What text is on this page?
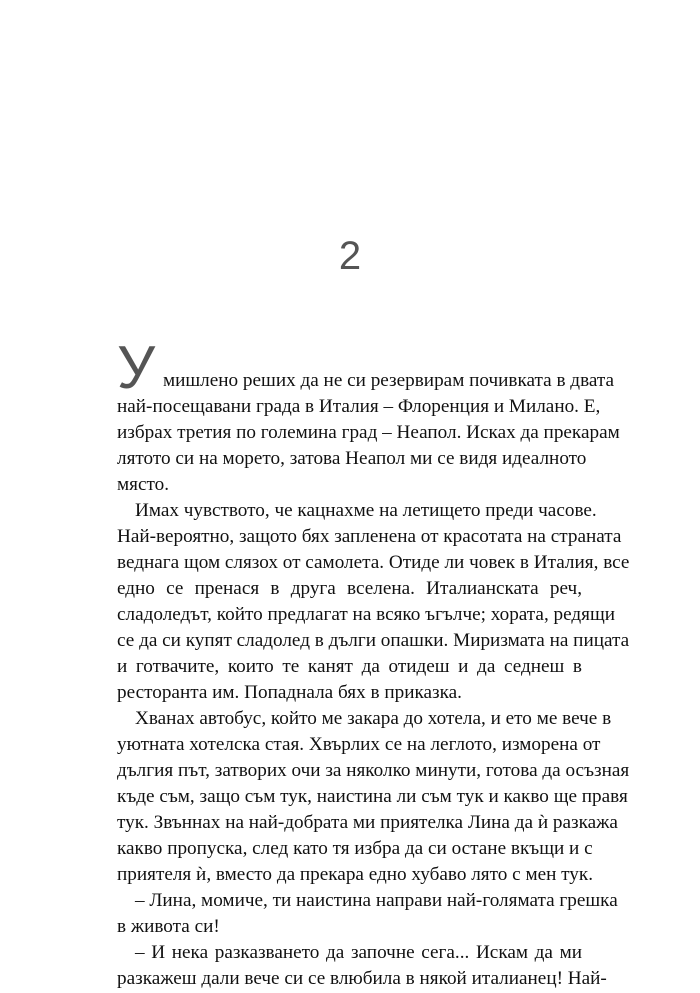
2
У мишлено реших да не си резервирам почивката в двата
най-посещавани града в Италия – Флоренция и Милано. Е,
избрах третия по големина град – Неапол. Исках да прекарам
лятото си на морето, затова Неапол ми се видя идеалното
място.
Имах чувството, че кацнахме на летището преди часове.
Най-вероятно, защото бях запленена от красотата на страната
веднага щом слязох от самолета. Отиде ли човек в Италия, все
едно се пренася в друга вселена. Италианската реч,
сладоледът, който предлагат на всяко ъгълче; хората, редящи
се да си купят сладолед в дълги опашки. Миризмата на пицата
и готвачите, които те канят да отидеш и да седнеш в
ресторанта им. Попаднала бях в приказка.
Хванах автобус, който ме закара до хотела, и ето ме вече в
уютната хотелска стая. Хвърлих се на леглото, изморена от
дългия път, затворих очи за няколко минути, готова да осъзная
къде съм, защо съм тук, наистина ли съм тук и какво ще правя
тук. Звъннах на най-добрата ми приятелка Лина да ѝ разкажа
какво пропуска, след като тя избра да си остане вкъщи и с
приятеля ѝ, вместо да прекара едно хубаво лято с мен тук.
– Лина, момиче, ти наистина направи най-голямата грешка
в живота си!
– И нека разказването да започне сега... Искам да ми
разкажеш дали вече си се влюбила в някой италианец! Най-
